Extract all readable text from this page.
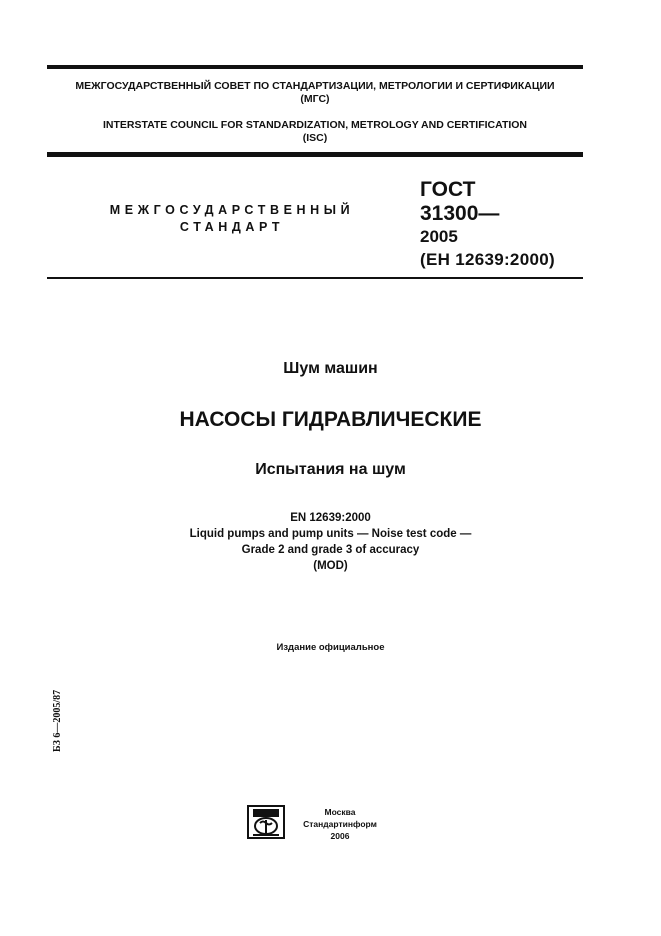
МЕЖГОСУДАРСТВЕННЫЙ СОВЕТ ПО СТАНДАРТИЗАЦИИ, МЕТРОЛОГИИ И СЕРТИФИКАЦИИ
(МГС)
INTERSTATE COUNCIL FOR STANDARDIZATION, METROLOGY AND CERTIFICATION
(ISC)
МЕЖГОСУДАРСТВЕННЫЙ
СТАНДАРТ
ГОСТ
31300—
2005
(ЕН 12639:2000)
Шум машин
НАСОСЫ ГИДРАВЛИЧЕСКИЕ
Испытания на шум
EN 12639:2000
Liquid pumps and pump units — Noise test code —
Grade 2 and grade 3 of accuracy
(MOD)
Издание официальное
БЗ 6—2005/87
Москва
Стандартинформ
2006
